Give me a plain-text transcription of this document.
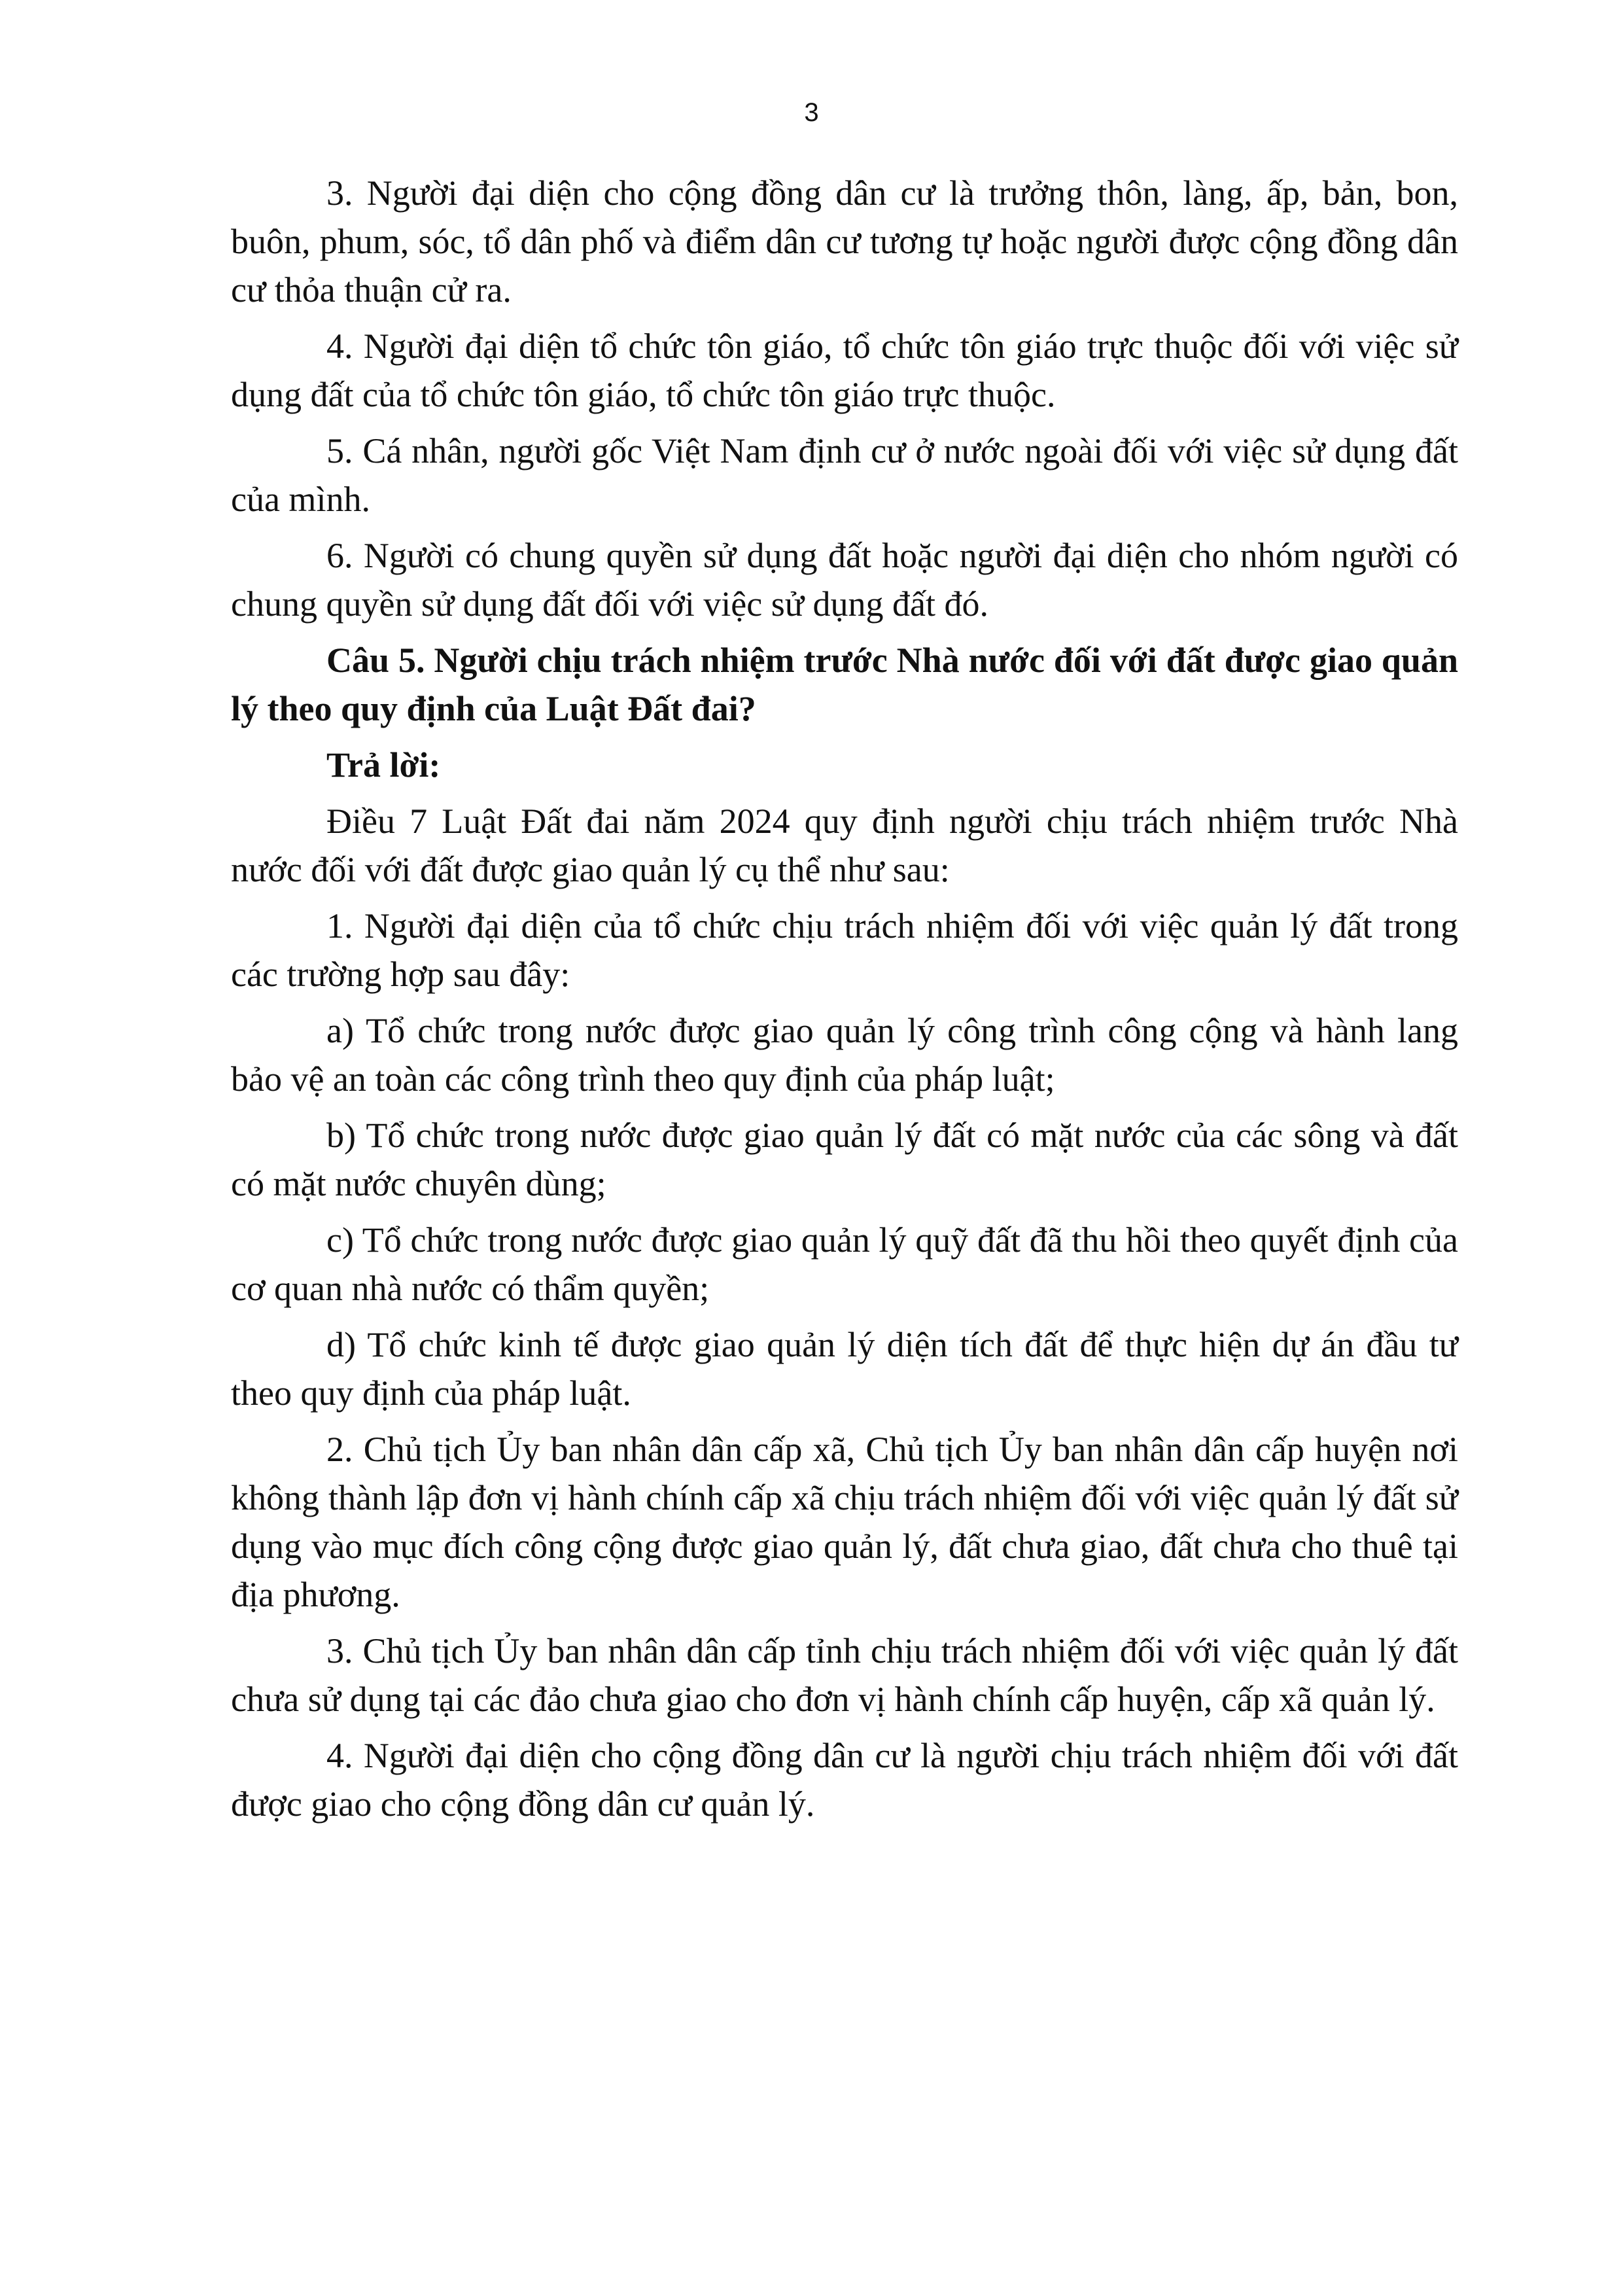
3

3. Người đại diện cho cộng đồng dân cư là trưởng thôn, làng, ấp, bản, bon, buôn, phum, sóc, tổ dân phố và điểm dân cư tương tự hoặc người được cộng đồng dân cư thỏa thuận cử ra.

4. Người đại diện tổ chức tôn giáo, tổ chức tôn giáo trực thuộc đối với việc sử dụng đất của tổ chức tôn giáo, tổ chức tôn giáo trực thuộc.

5. Cá nhân, người gốc Việt Nam định cư ở nước ngoài đối với việc sử dụng đất của mình.

6. Người có chung quyền sử dụng đất hoặc người đại diện cho nhóm người có chung quyền sử dụng đất đối với việc sử dụng đất đó.

Câu 5. Người chịu trách nhiệm trước Nhà nước đối với đất được giao quản lý theo quy định của Luật Đất đai?

Trả lời:

Điều 7 Luật Đất đai năm 2024 quy định người chịu trách nhiệm trước Nhà nước đối với đất được giao quản lý cụ thể như sau:

1. Người đại diện của tổ chức chịu trách nhiệm đối với việc quản lý đất trong các trường hợp sau đây:

a) Tổ chức trong nước được giao quản lý công trình công cộng và hành lang bảo vệ an toàn các công trình theo quy định của pháp luật;

b) Tổ chức trong nước được giao quản lý đất có mặt nước của các sông và đất có mặt nước chuyên dùng;

c) Tổ chức trong nước được giao quản lý quỹ đất đã thu hồi theo quyết định của cơ quan nhà nước có thẩm quyền;

d) Tổ chức kinh tế được giao quản lý diện tích đất để thực hiện dự án đầu tư theo quy định của pháp luật.

2. Chủ tịch Ủy ban nhân dân cấp xã, Chủ tịch Ủy ban nhân dân cấp huyện nơi không thành lập đơn vị hành chính cấp xã chịu trách nhiệm đối với việc quản lý đất sử dụng vào mục đích công cộng được giao quản lý, đất chưa giao, đất chưa cho thuê tại địa phương.

3. Chủ tịch Ủy ban nhân dân cấp tỉnh chịu trách nhiệm đối với việc quản lý đất chưa sử dụng tại các đảo chưa giao cho đơn vị hành chính cấp huyện, cấp xã quản lý.

4. Người đại diện cho cộng đồng dân cư là người chịu trách nhiệm đối với đất được giao cho cộng đồng dân cư quản lý.
